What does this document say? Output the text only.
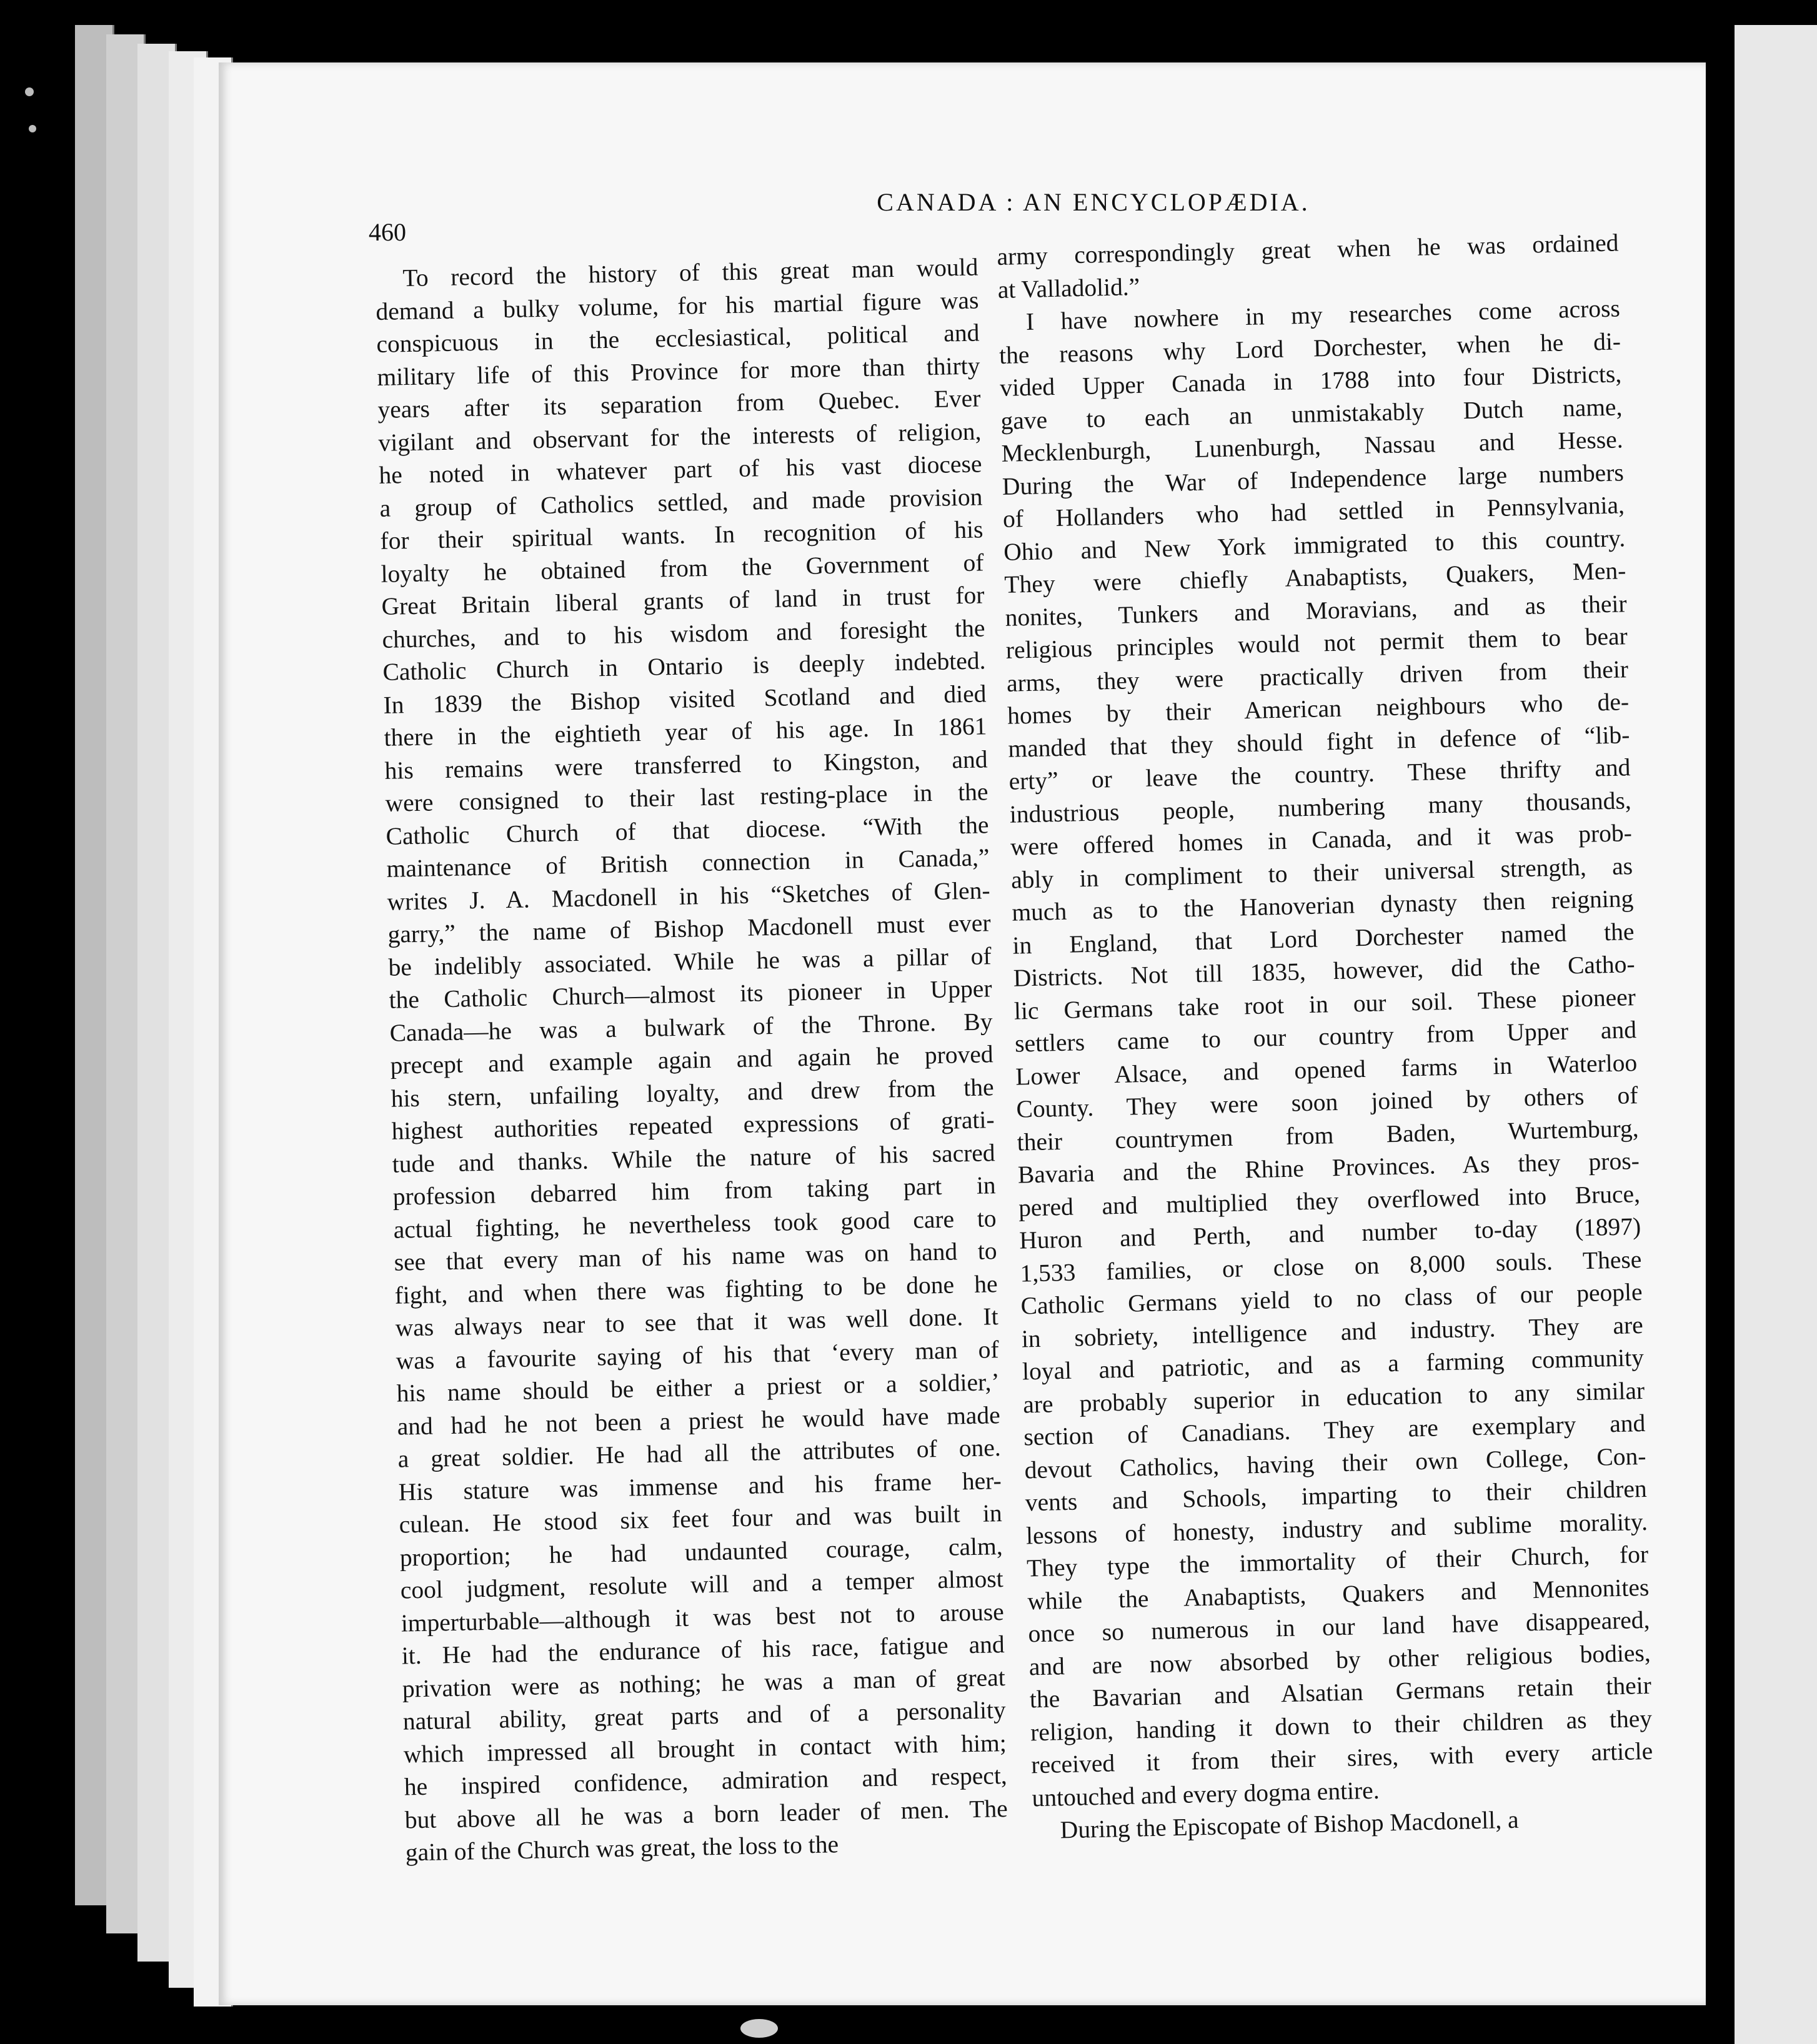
CANADA : AN ENCYCLOPÆDIA.
460
To record the history of this great man would
demand a bulky volume, for his martial figure was
conspicuous in the ecclesiastical, political and
military life of this Province for more than thirty
years after its separation from Quebec. Ever
vigilant and observant for the interests of religion,
he noted in whatever part of his vast diocese
a group of Catholics settled, and made provision
for their spiritual wants. In recognition of his
loyalty he obtained from the Government of
Great Britain liberal grants of land in trust for
churches, and to his wisdom and foresight the
Catholic Church in Ontario is deeply indebted.
In 1839 the Bishop visited Scotland and died
there in the eightieth year of his age. In 1861
his remains were transferred to Kingston, and
were consigned to their last resting-place in the
Catholic Church of that diocese. “With the
maintenance of British connection in Canada,”
writes J. A. Macdonell in his “Sketches of Glen-
garry,” the name of Bishop Macdonell must ever
be indelibly associated. While he was a pillar of
the Catholic Church—almost its pioneer in Upper
Canada—he was a bulwark of the Throne. By
precept and example again and again he proved
his stern, unfailing loyalty, and drew from the
highest authorities repeated expressions of grati-
tude and thanks. While the nature of his sacred
profession debarred him from taking part in
actual fighting, he nevertheless took good care to
see that every man of his name was on hand to
fight, and when there was fighting to be done he
was always near to see that it was well done. It
was a favourite saying of his that ‘every man of
his name should be either a priest or a soldier,’
and had he not been a priest he would have made
a great soldier. He had all the attributes of one.
His stature was immense and his frame her-
culean. He stood six feet four and was built in
proportion; he had undaunted courage, calm,
cool judgment, resolute will and a temper almost
imperturbable—although it was best not to arouse
it. He had the endurance of his race, fatigue and
privation were as nothing; he was a man of great
natural ability, great parts and of a personality
which impressed all brought in contact with him;
he inspired confidence, admiration and respect,
but above all he was a born leader of men. The
gain of the Church was great, the loss to the
army correspondingly great when he was ordained
at Valladolid.”
I have nowhere in my researches come across
the reasons why Lord Dorchester, when he di-
vided Upper Canada in 1788 into four Districts,
gave to each an unmistakably Dutch name,
Mecklenburgh, Lunenburgh, Nassau and Hesse.
During the War of Independence large numbers
of Hollanders who had settled in Pennsylvania,
Ohio and New York immigrated to this country.
They were chiefly Anabaptists, Quakers, Men-
nonites, Tunkers and Moravians, and as their
religious principles would not permit them to bear
arms, they were practically driven from their
homes by their American neighbours who de-
manded that they should fight in defence of “lib-
erty” or leave the country. These thrifty and
industrious people, numbering many thousands,
were offered homes in Canada, and it was prob-
ably in compliment to their universal strength, as
much as to the Hanoverian dynasty then reigning
in England, that Lord Dorchester named the
Districts. Not till 1835, however, did the Catho-
lic Germans take root in our soil. These pioneer
settlers came to our country from Upper and
Lower Alsace, and opened farms in Waterloo
County. They were soon joined by others of
their countrymen from Baden, Wurtemburg,
Bavaria and the Rhine Provinces. As they pros-
pered and multiplied they overflowed into Bruce,
Huron and Perth, and number to-day (1897)
1,533 families, or close on 8,000 souls. These
Catholic Germans yield to no class of our people
in sobriety, intelligence and industry. They are
loyal and patriotic, and as a farming community
are probably superior in education to any similar
section of Canadians. They are exemplary and
devout Catholics, having their own College, Con-
vents and Schools, imparting to their children
lessons of honesty, industry and sublime morality.
They type the immortality of their Church, for
while the Anabaptists, Quakers and Mennonites
once so numerous in our land have disappeared,
and are now absorbed by other religious bodies,
the Bavarian and Alsatian Germans retain their
religion, handing it down to their children as they
received it from their sires, with every article
untouched and every dogma entire.
During the Episcopate of Bishop Macdonell, a
